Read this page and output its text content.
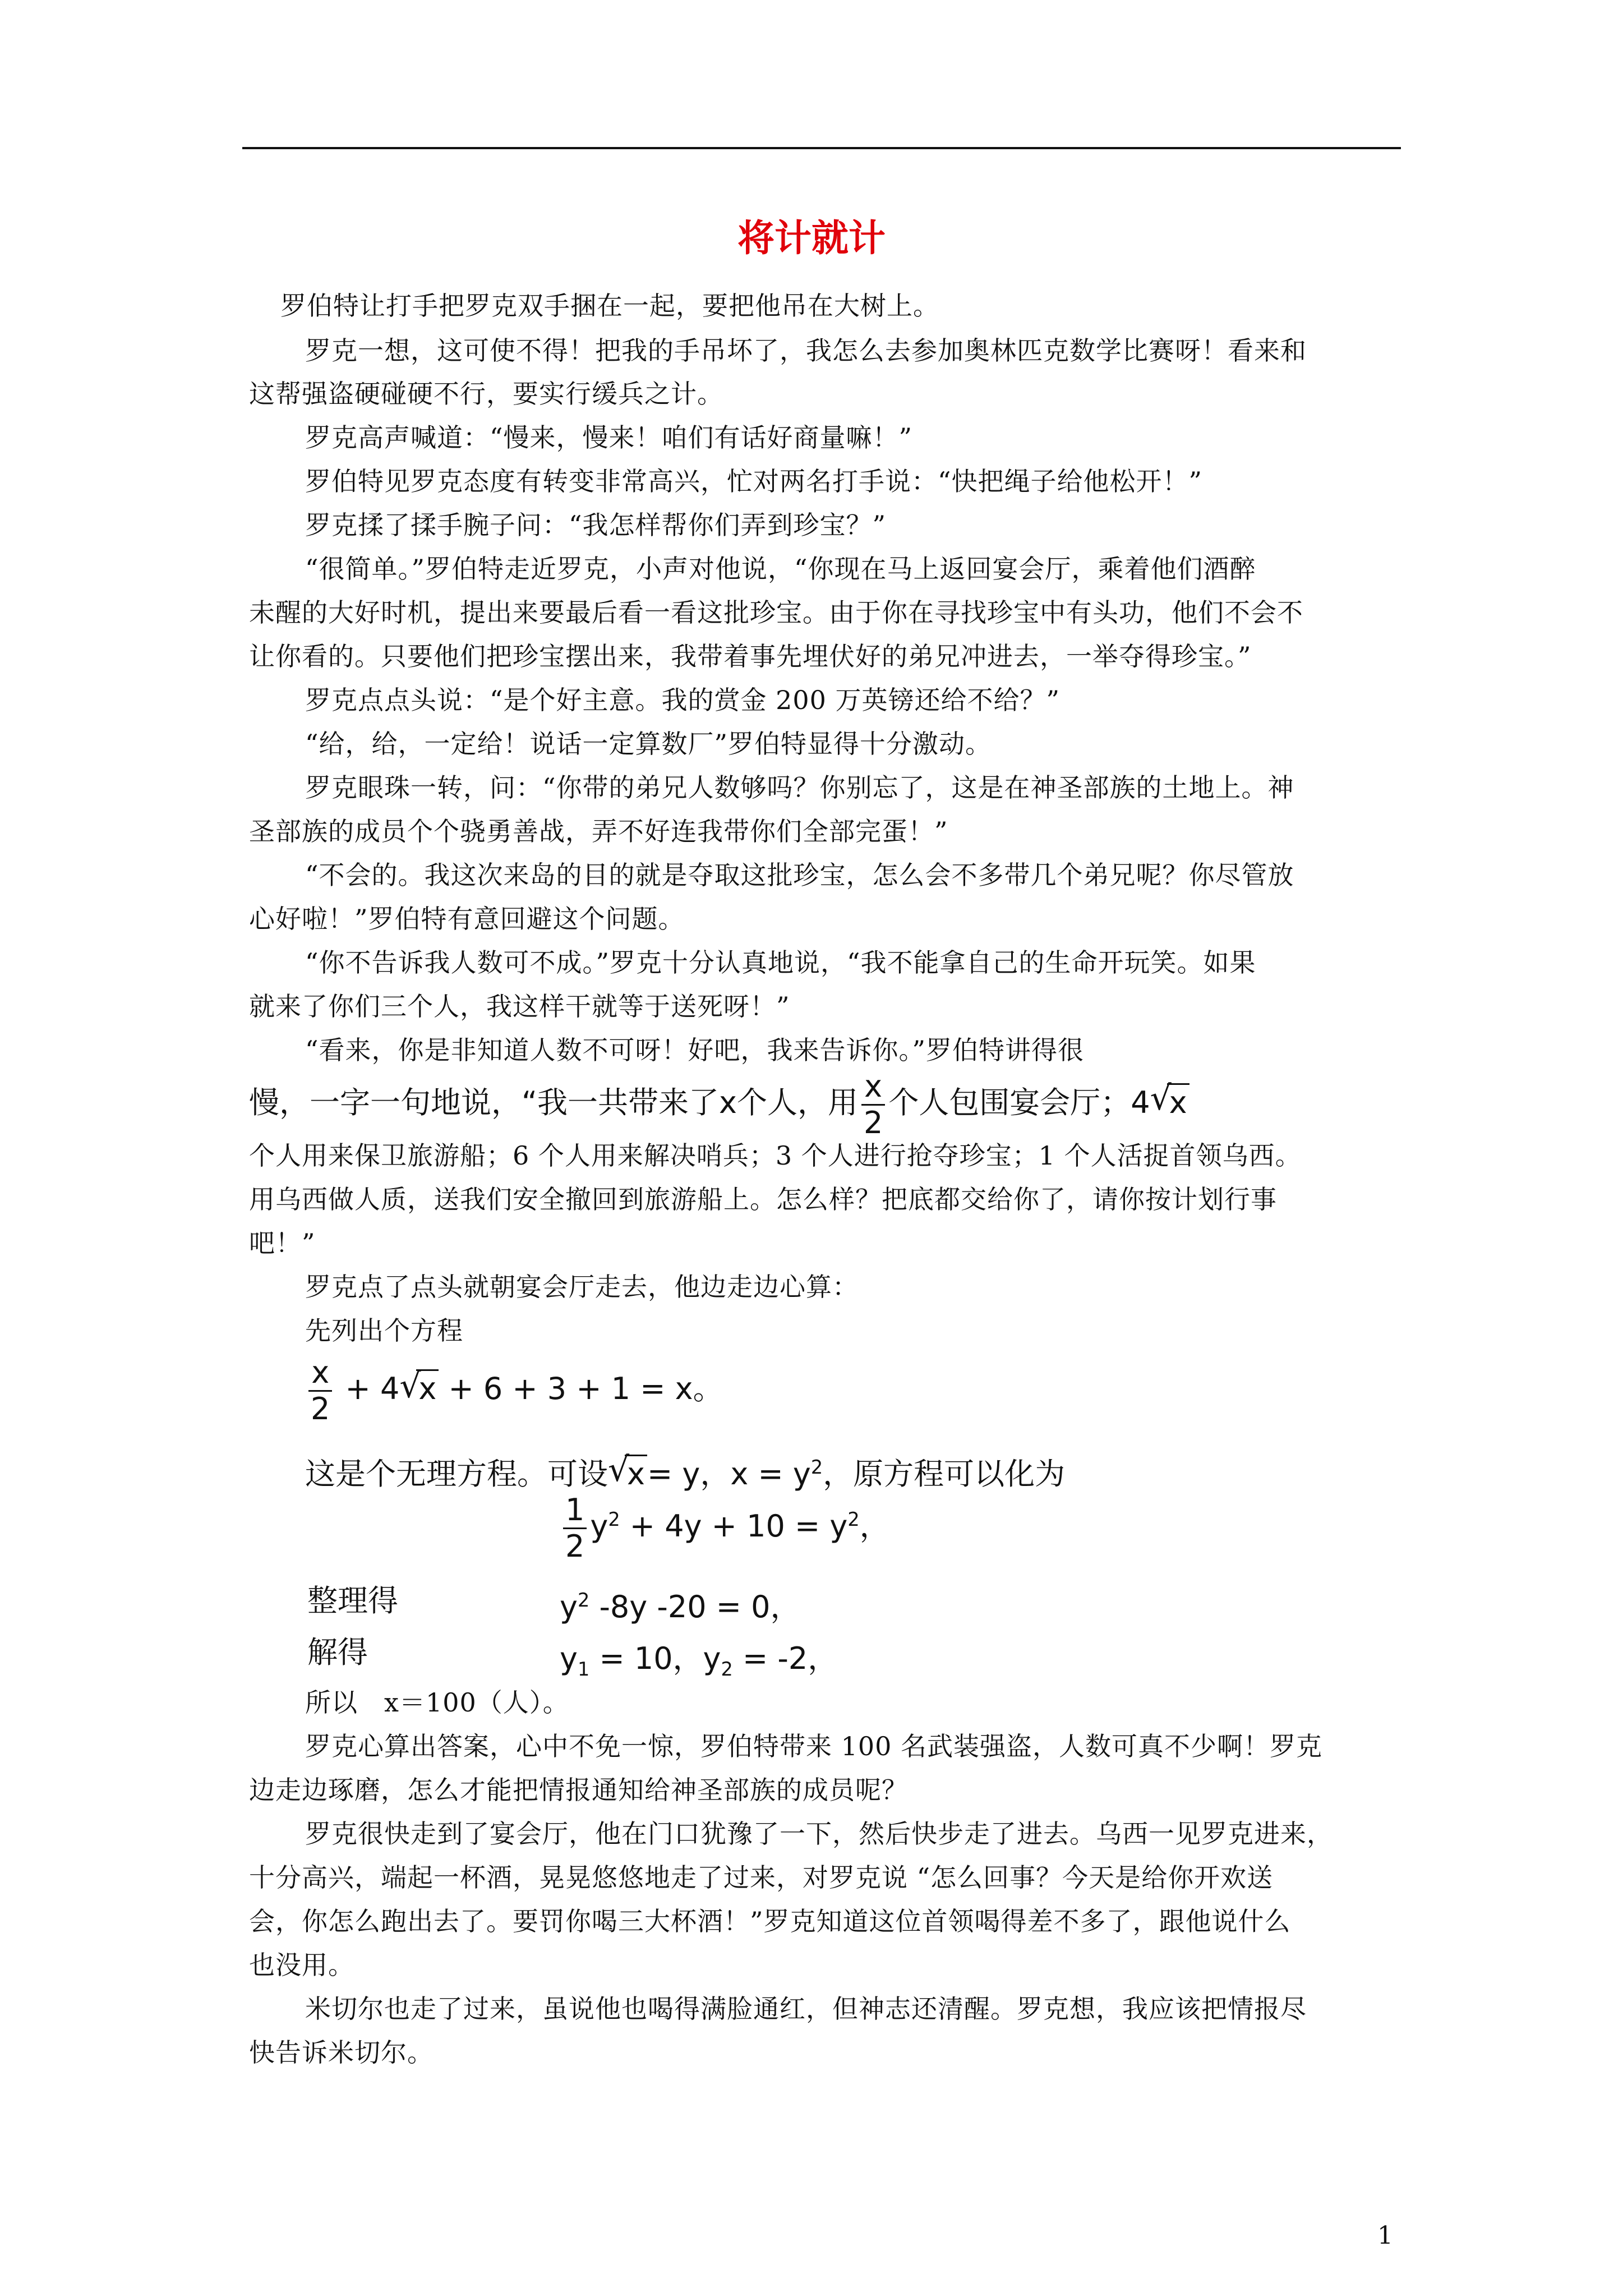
将计就计
罗伯特让打手把罗克双手捆在一起，要把他吊在大树上。
罗克一想，这可使不得！把我的手吊坏了，我怎么去参加奥林匹克数学比赛呀！看来和
这帮强盗硬碰硬不行，要实行缓兵之计。
罗克高声喊道：“慢来，慢来！咱们有话好商量嘛！”
罗伯特见罗克态度有转变非常高兴，忙对两名打手说：“快把绳子给他松开！”
罗克揉了揉手腕子问：“我怎样帮你们弄到珍宝？”
“很简单。”罗伯特走近罗克，小声对他说，“你现在马上返回宴会厅，乘着他们酒醉
未醒的大好时机，提出来要最后看一看这批珍宝。由于你在寻找珍宝中有头功，他们不会不
让你看的。只要他们把珍宝摆出来，我带着事先埋伏好的弟兄冲进去，一举夺得珍宝。”
罗克点点头说：“是个好主意。我的赏金 200 万英镑还给不给？”
“给，给，一定给！说话一定算数厂”罗伯特显得十分激动。
罗克眼珠一转，问：“你带的弟兄人数够吗？你别忘了，这是在神圣部族的土地上。神
圣部族的成员个个骁勇善战，弄不好连我带你们全部完蛋！”
“不会的。我这次来岛的目的就是夺取这批珍宝，怎么会不多带几个弟兄呢？你尽管放
心好啦！”罗伯特有意回避这个问题。
“你不告诉我人数可不成。”罗克十分认真地说，“我不能拿自己的生命开玩笑。如果
就来了你们三个人，我这样干就等于送死呀！”
“看来，你是非知道人数不可呀！好吧，我来告诉你。”罗伯特讲得很
慢，一字一句地说，“我一共带来了x个人，用 $\frac{x}{2}$ 个人包围宴会厅；4 √
x
个人用来保卫旅游船；6 个人用来解决哨兵；3 个人进行抢夺珍宝；1 个人活捉首领乌西。
用乌西做人质，送我们安全撤回到旅游船上。怎么样？把底都交给你了，请你按计划行事
吧！”
罗克点了点头就朝宴会厅走去，他边走边心算：
先列出个方程
$\frac{x}{2} + 4$ √
x + 6 + 3 + 1 = x。
这是个无理方程。可设 √
x= y，$x = y^2$，原方程可以化为
$\frac{1}{2} y^2 + 4y + 10 = y^2$，
整理得	$y^2$ -8y -20 = 0，
解得	$y_1 = 10$，$y_2 = -2$，
所以　x＝100（人）。
罗克心算出答案，心中不免一惊，罗伯特带来 100 名武装强盗，人数可真不少啊！罗克
边走边琢磨，怎么才能把情报通知给神圣部族的成员呢？
罗克很快走到了宴会厅，他在门口犹豫了一下，然后快步走了进去。乌西一见罗克进来，
十分高兴，端起一杯酒，晃晃悠悠地走了过来，对罗克说 “怎么回事？今天是给你开欢送
会，你怎么跑出去了。要罚你喝三大杯酒！”罗克知道这位首领喝得差不多了，跟他说什么
也没用。
米切尔也走了过来，虽说他也喝得满脸通红，但神志还清醒。罗克想，我应该把情报尽
快告诉米切尔。
1
